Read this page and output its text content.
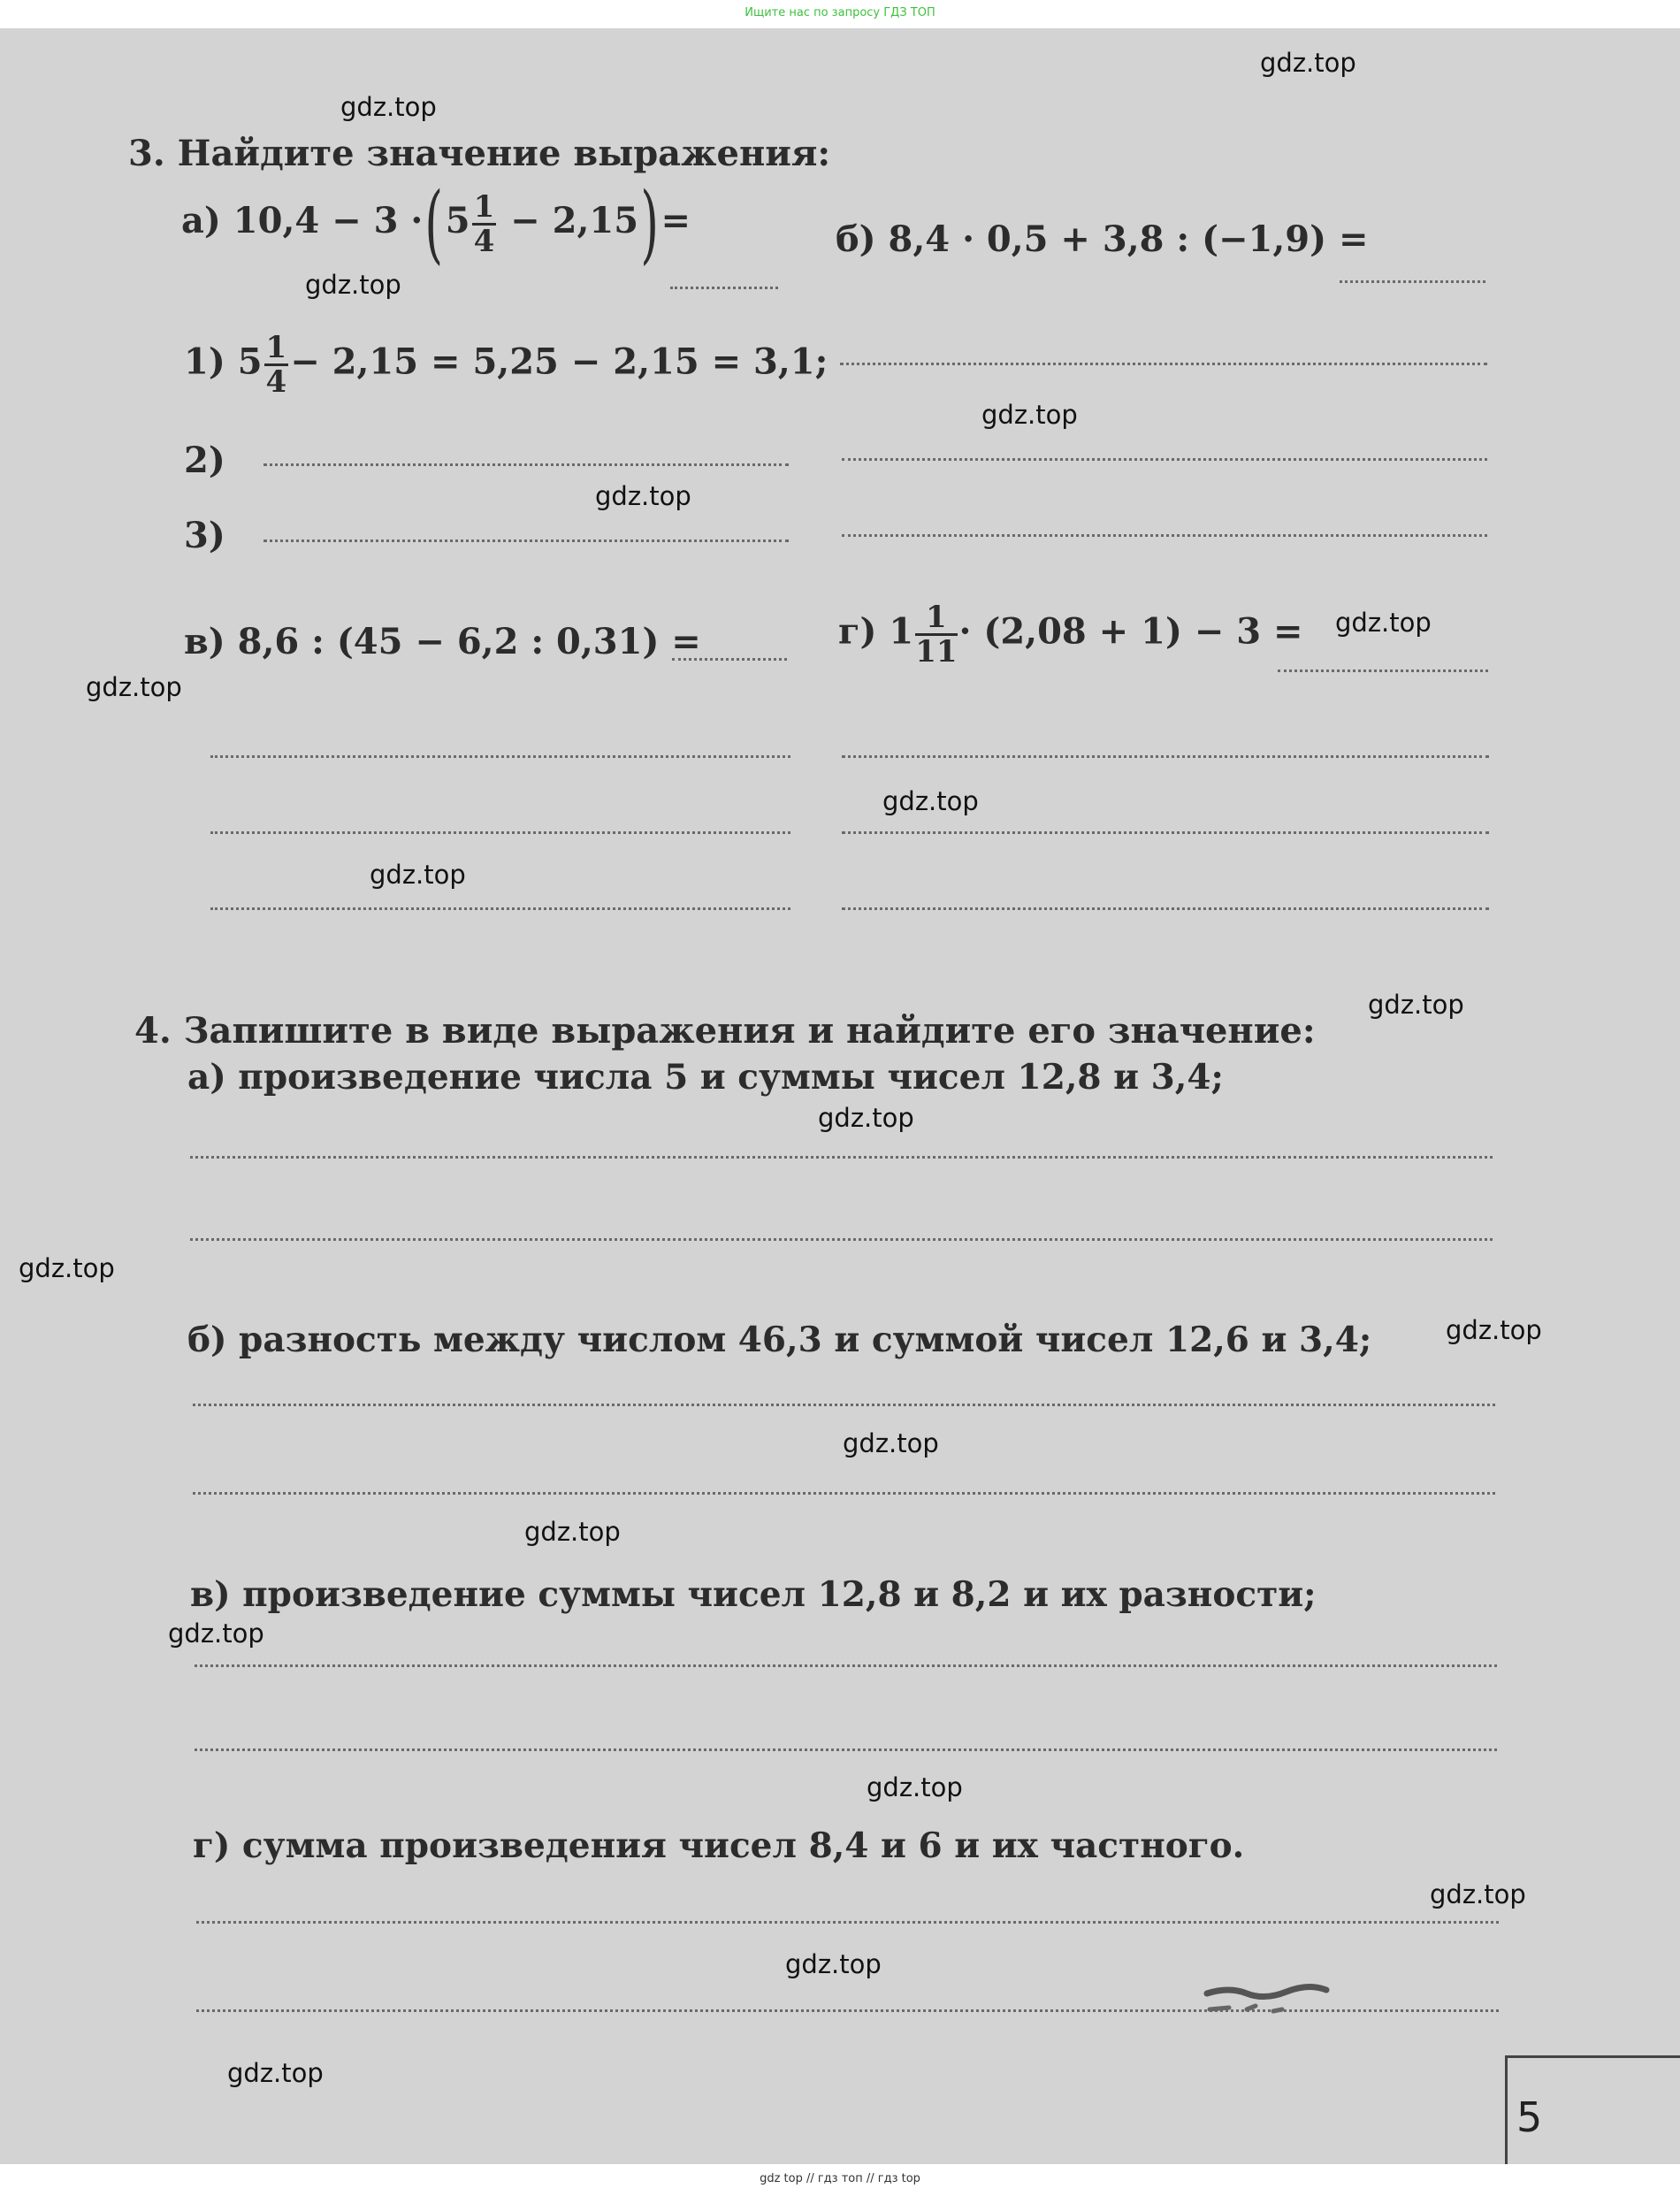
Ищите нас по запросу ГДЗ ТОП
3. Найдите значение выражения:
а) $10,4 - 3 \cdot(5 \frac{1}{4} - 2,15)=$	б) 8,4 · 0,5 + 3,8 : (−1,9) =
1) $5 \frac{1}{4} - 2,15 = 5,25 - 2,15 = 3,1$;
2)
3)
в) 8,6 : (45 − 6,2 : 0,31) =	г) $1 \frac{1}{11} \cdot (2,08 + 1) - 3$ =
4. Запишите в виде выражения и найдите его значение:
а) произведение числа 5 и суммы чисел 12,8 и 3,4;
б) разность между числом 46,3 и суммой чисел 12,6 и 3,4;
в) произведение суммы чисел 12,8 и 8,2 и их разности;
г) сумма произведения чисел 8,4 и 6 и их частного.
gdz.top
gdz.top
gdz.top
gdz.top
gdz.top
gdz.top
gdz.top
gdz.top
gdz.top
gdz.top
gdz.top
gdz.top
gdz.top
gdz.top
gdz.top
gdz.top
gdz.top
gdz.top
gdz.top
gdz.top
5
gdz top // гдз топ // гдз top
